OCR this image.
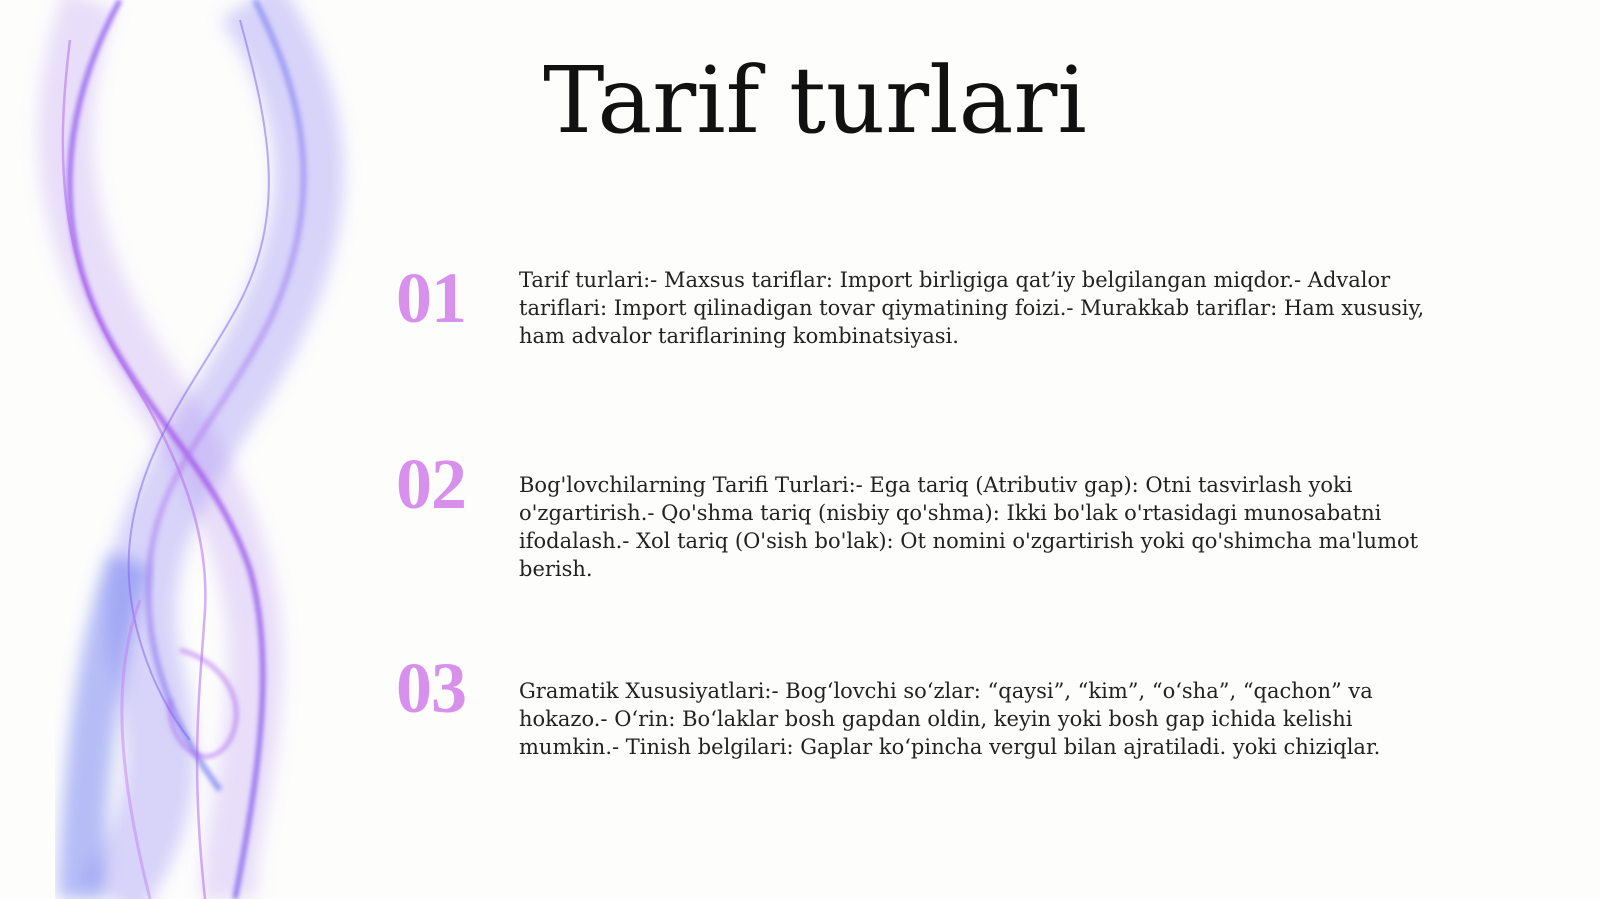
Tarif turlari
01	Tarif turlari:- Maxsus tariflar: Import birligiga qat’iy belgilangan miqdor.- Advalor tariflari: Import qilinadigan tovar qiymatining foizi.- Murakkab tariflar: Ham xususiy, ham advalor tariflarining kombinatsiyasi.
02	Bog'lovchilarning Tarifi Turlari:- Ega tariq (Atributiv gap): Otni tasvirlash yoki o'zgartirish.- Qo'shma tariq (nisbiy qo'shma): Ikki bo'lak o'rtasidagi munosabatni ifodalash.- Xol tariq (O'sish bo'lak): Ot nomini o'zgartirish yoki qo'shimcha ma'lumot berish.
03	Gramatik Xususiyatlari:- Bog‘lovchi so‘zlar: “qaysi”, “kim”, “o‘sha”, “qachon” va hokazo.- O‘rin: Bo‘laklar bosh gapdan oldin, keyin yoki bosh gap ichida kelishi mumkin.- Tinish belgilari: Gaplar ko‘pincha vergul bilan ajratiladi. yoki chiziqlar.
